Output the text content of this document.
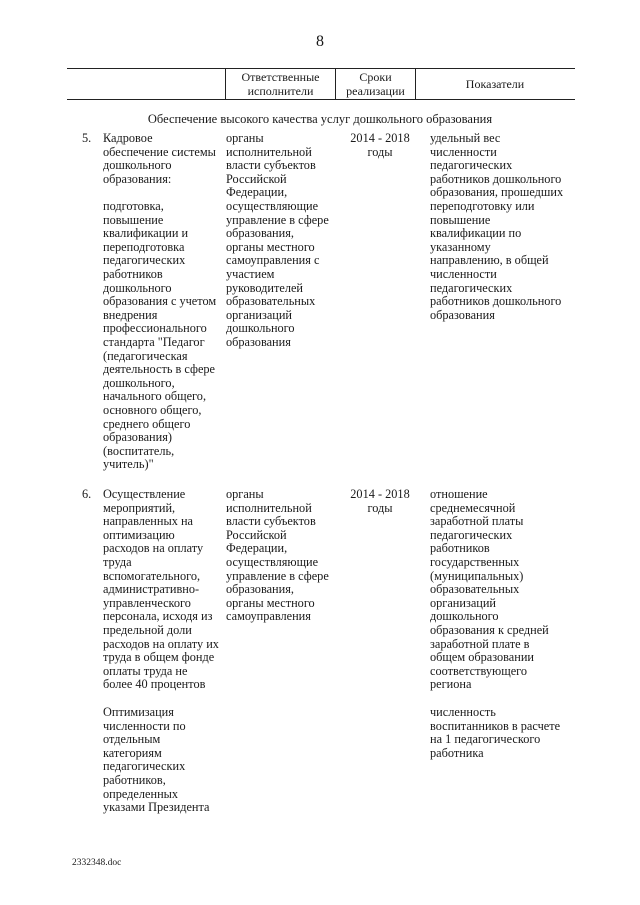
8
Ответственные
исполнители
Сроки
реализации	Показатели
Обеспечение высокого качества услуг дошкольного образования
5. Кадровое
обеспечение системы
дошкольного
образования:
подготовка,
повышение
квалификации и
переподготовка
педагогических
работников
дошкольного
образования с учетом
внедрения
профессионального
стандарта "Педагог
(педагогическая
деятельность в сфере
дошкольного,
начального общего,
основного общего,
среднего общего
образования)
(воспитатель,
учитель)"
органы
исполнительной
власти субъектов
Российской
Федерации,
осуществляющие
управление в сфере
образования,
органы местного
самоуправления с
участием
руководителей
образовательных
организаций
дошкольного
образования
2014 - 2018
годы
удельный вес
численности
педагогических
работников дошкольного
образования, прошедших
переподготовку или
повышение
квалификации по
указанному
направлению, в общей
численности
педагогических
работников дошкольного
образования
6. Осуществление
мероприятий,
направленных на
оптимизацию
расходов на оплату
труда
вспомогательного,
административно-
управленческого
персонала, исходя из
предельной доли
расходов на оплату их
труда в общем фонде
оплаты труда не
более 40 процентов
Оптимизация
численности по
отдельным
категориям
педагогических
работников,
определенных
указами Президента
органы
исполнительной
власти субъектов
Российской
Федерации,
осуществляющие
управление в сфере
образования,
органы местного
самоуправления
2014 - 2018
годы
отношение
среднемесячной
заработной платы
педагогических
работников
государственных
(муниципальных)
образовательных
организаций
дошкольного
образования к средней
заработной плате в
общем образовании
соответствующего
региона
численность
воспитанников в расчете
на 1 педагогического
работника
2332348.doc
